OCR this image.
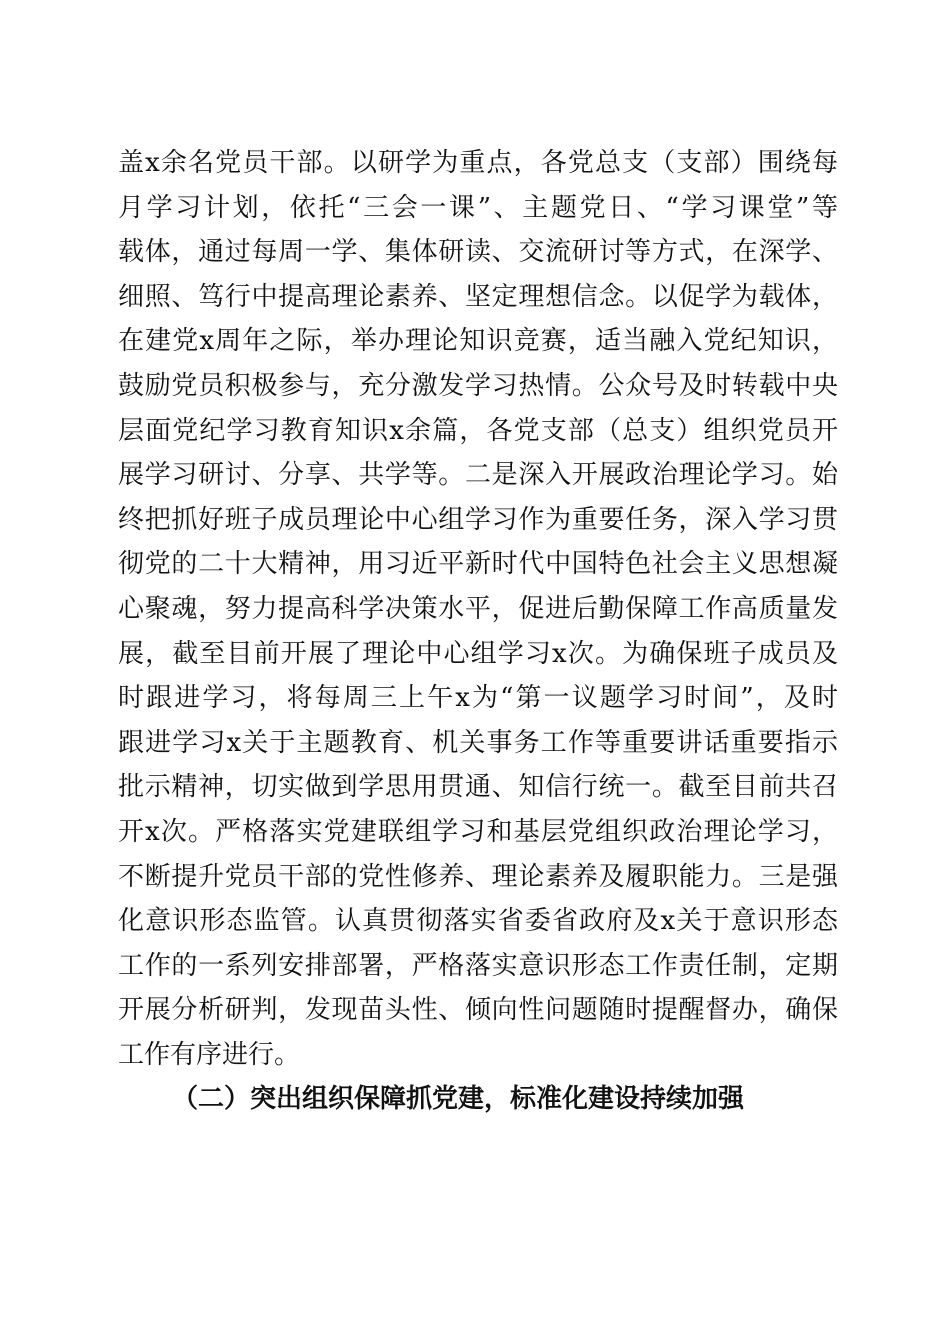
盖x余名党员干部。以研学为重点，各党总支（支部）围绕每
月学习计划，依托“三会一课”、主题党日、“学习课堂”等
载体，通过每周一学、集体研读、交流研讨等方式，在深学、
细照、笃行中提高理论素养、坚定理想信念。以促学为载体，
在建党x周年之际，举办理论知识竞赛，适当融入党纪知识，
鼓励党员积极参与，充分激发学习热情。公众号及时转载中央
层面党纪学习教育知识x余篇，各党支部（总支）组织党员开
展学习研讨、分享、共学等。二是深入开展政治理论学习。始
终把抓好班子成员理论中心组学习作为重要任务，深入学习贯
彻党的二十大精神，用习近平新时代中国特色社会主义思想凝
心聚魂，努力提高科学决策水平，促进后勤保障工作高质量发
展，截至目前开展了理论中心组学习x次。为确保班子成员及
时跟进学习，将每周三上午x为“第一议题学习时间”，及时
跟进学习x关于主题教育、机关事务工作等重要讲话重要指示
批示精神，切实做到学思用贯通、知信行统一。截至目前共召
开x次。严格落实党建联组学习和基层党组织政治理论学习，
不断提升党员干部的党性修养、理论素养及履职能力。三是强
化意识形态监管。认真贯彻落实省委省政府及x关于意识形态
工作的一系列安排部署，严格落实意识形态工作责任制，定期
开展分析研判，发现苗头性、倾向性问题随时提醒督办，确保
工作有序进行。
（二）突出组织保障抓党建，标准化建设持续加强
